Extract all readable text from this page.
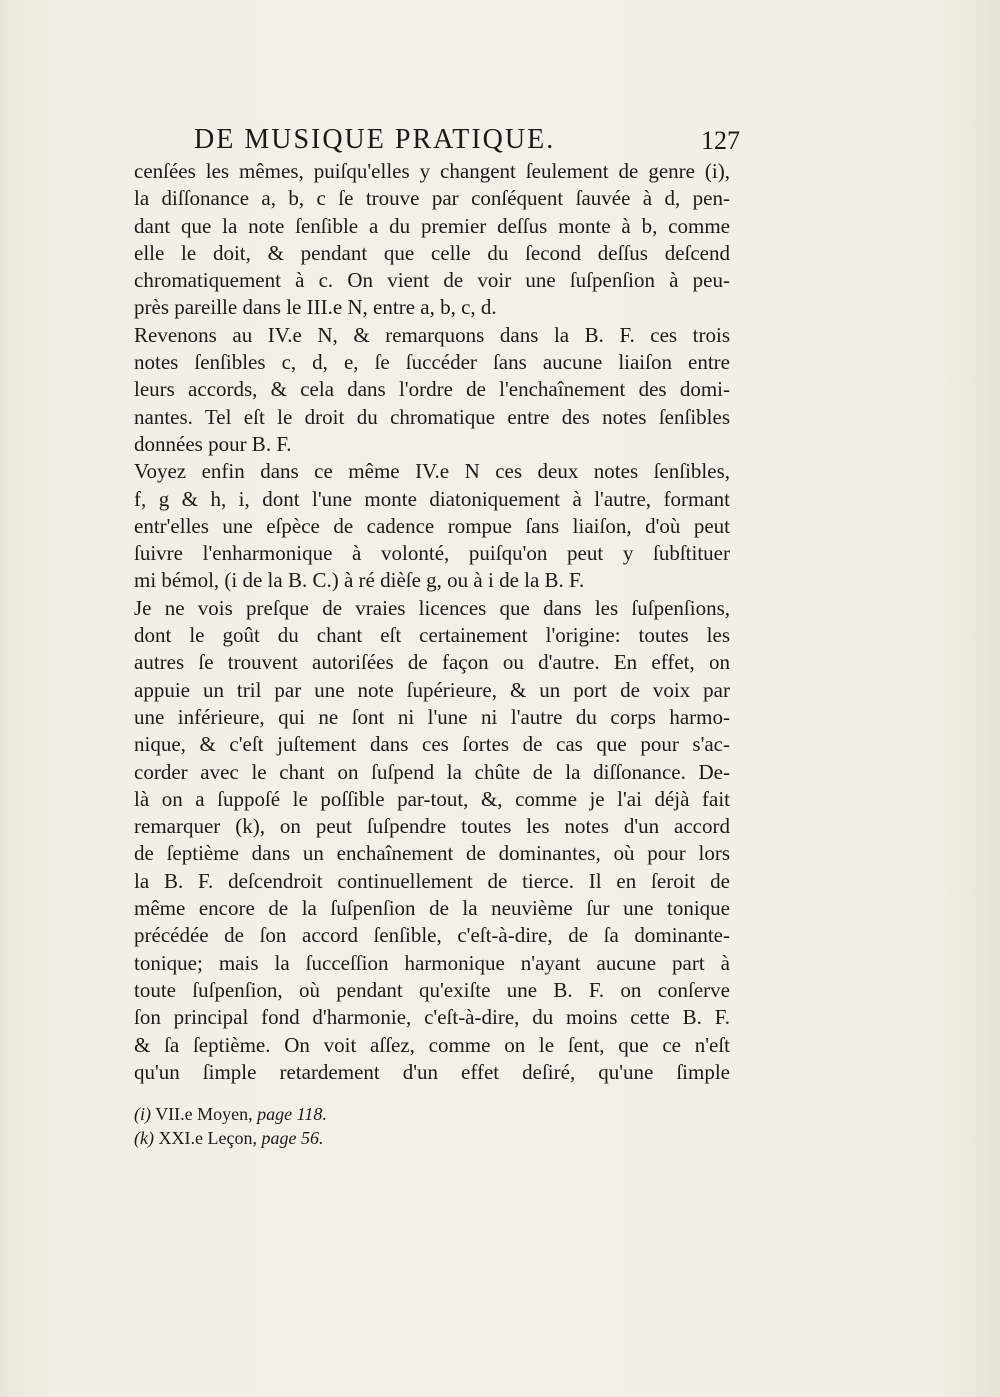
DE MUSIQUE PRATIQUE.	127
cenſées les mêmes, puiſqu'elles y changent ſeulement de genre (i),
la diſſonance a, b, c ſe trouve par conſéquent ſauvée à d, pen-
dant que la note ſenſible a du premier deſſus monte à b, comme
elle le doit, & pendant que celle du ſecond deſſus deſcend
chromatiquement à c. On vient de voir une ſuſpenſion à peu-
près pareille dans le III.e N, entre a, b, c, d.
Revenons au IV.e N, & remarquons dans la B. F. ces trois
notes ſenſibles c, d, e, ſe ſuccéder ſans aucune liaiſon entre
leurs accords, & cela dans l'ordre de l'enchaînement des domi-
nantes. Tel eſt le droit du chromatique entre des notes ſenſibles
données pour B. F.
Voyez enfin dans ce même IV.e N ces deux notes ſenſibles,
f, g & h, i, dont l'une monte diatoniquement à l'autre, formant
entr'elles une eſpèce de cadence rompue ſans liaiſon, d'où peut
ſuivre l'enharmonique à volonté, puiſqu'on peut y ſubſtituer
mi bémol, (i de la B. C.) à ré dièſe g, ou à i de la B. F.
Je ne vois preſque de vraies licences que dans les ſuſpenſions,
dont le goût du chant eſt certainement l'origine: toutes les
autres ſe trouvent autoriſées de façon ou d'autre. En effet, on
appuie un tril par une note ſupérieure, & un port de voix par
une inférieure, qui ne ſont ni l'une ni l'autre du corps harmo-
nique, & c'eſt juſtement dans ces ſortes de cas que pour s'ac-
corder avec le chant on ſuſpend la chûte de la diſſonance. De-
là on a ſuppoſé le poſſible par-tout, &, comme je l'ai déjà fait
remarquer (k), on peut ſuſpendre toutes les notes d'un accord
de ſeptième dans un enchaînement de dominantes, où pour lors
la B. F. deſcendroit continuellement de tierce. Il en ſeroit de
même encore de la ſuſpenſion de la neuvième ſur une tonique
précédée de ſon accord ſenſible, c'eſt-à-dire, de ſa dominante-
tonique; mais la ſucceſſion harmonique n'ayant aucune part à
toute ſuſpenſion, où pendant qu'exiſte une B. F. on conſerve
ſon principal fond d'harmonie, c'eſt-à-dire, du moins cette B. F.
& ſa ſeptième. On voit aſſez, comme on le ſent, que ce n'eſt
qu'un ſimple retardement d'un effet deſiré, qu'une ſimple
(i) VII.e Moyen, page 118.
(k) XXI.e Leçon, page 56.
